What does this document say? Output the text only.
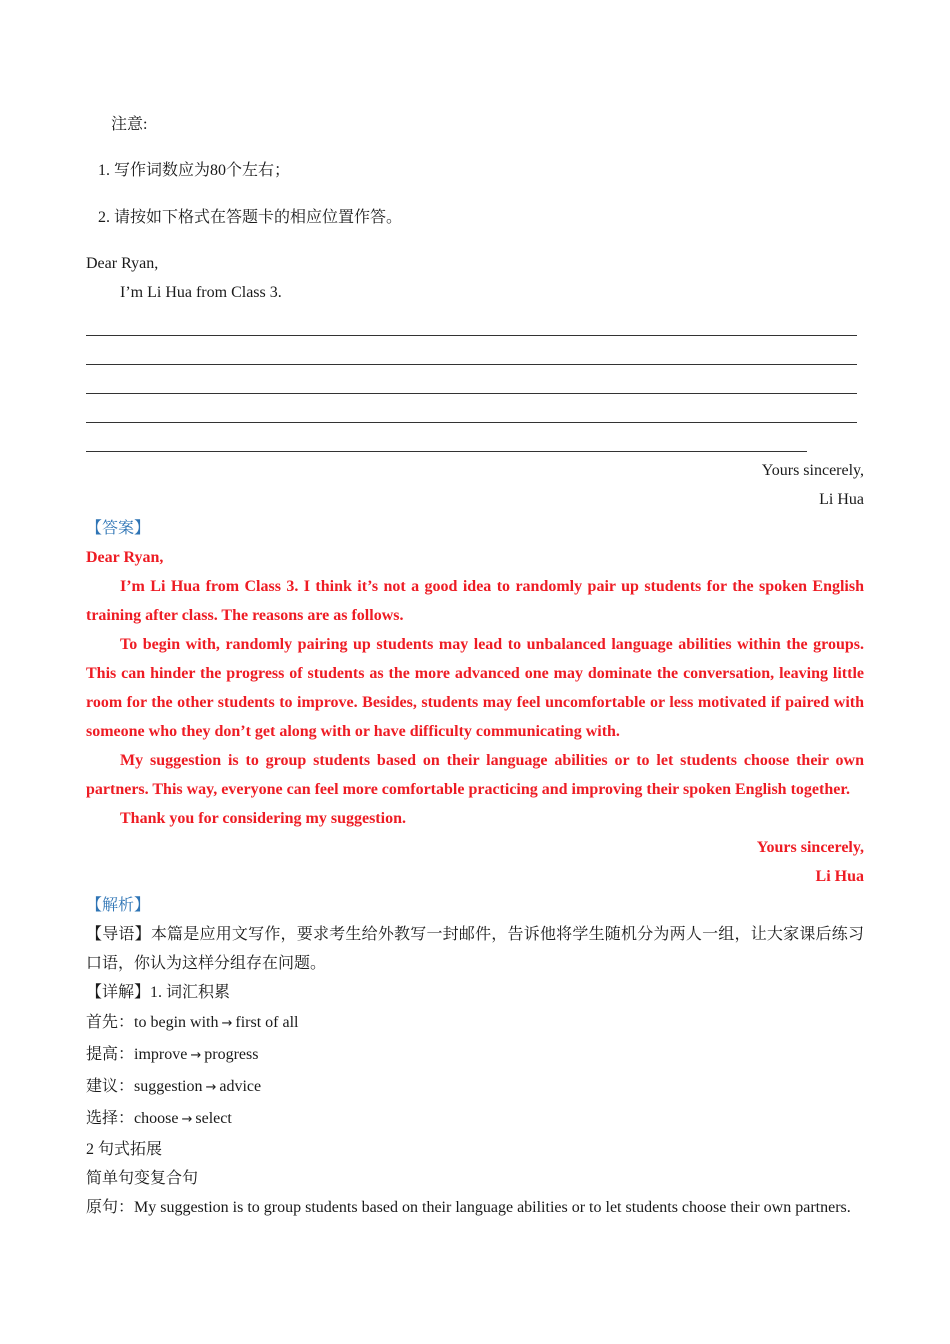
注意:

1. 写作词数应为80个左右；

2. 请按如下格式在答题卡的相应位置作答。

Dear Ryan,

I’m Li Hua from Class 3.

Yours sincerely,

Li Hua

【答案】

Dear Ryan,

I’m Li Hua from Class 3. I think it’s not a good idea to randomly pair up students for the spoken English training after class. The reasons are as follows.

To begin with, randomly pairing up students may lead to unbalanced language abilities within the groups. This can hinder the progress of students as the more advanced one may dominate the conversation, leaving little room for the other students to improve. Besides, students may feel uncomfortable or less motivated if paired with someone who they don’t get along with or have difficulty communicating with.

My suggestion is to group students based on their language abilities or to let students choose their own partners. This way, everyone can feel more comfortable practicing and improving their spoken English together.

Thank you for considering my suggestion.

Yours sincerely,

Li Hua

【解析】

【导语】本篇是应用文写作，要求考生给外教写一封邮件，告诉他将学生随机分为两人一组，让大家课后练习口语，你认为这样分组存在问题。

【详解】1. 词汇积累

首先：to begin with → first of all

提高：improve → progress

建议：suggestion → advice

选择：choose → select

2 句式拓展

简单句变复合句

原句：My suggestion is to group students based on their language abilities or to let students choose their own partners.
